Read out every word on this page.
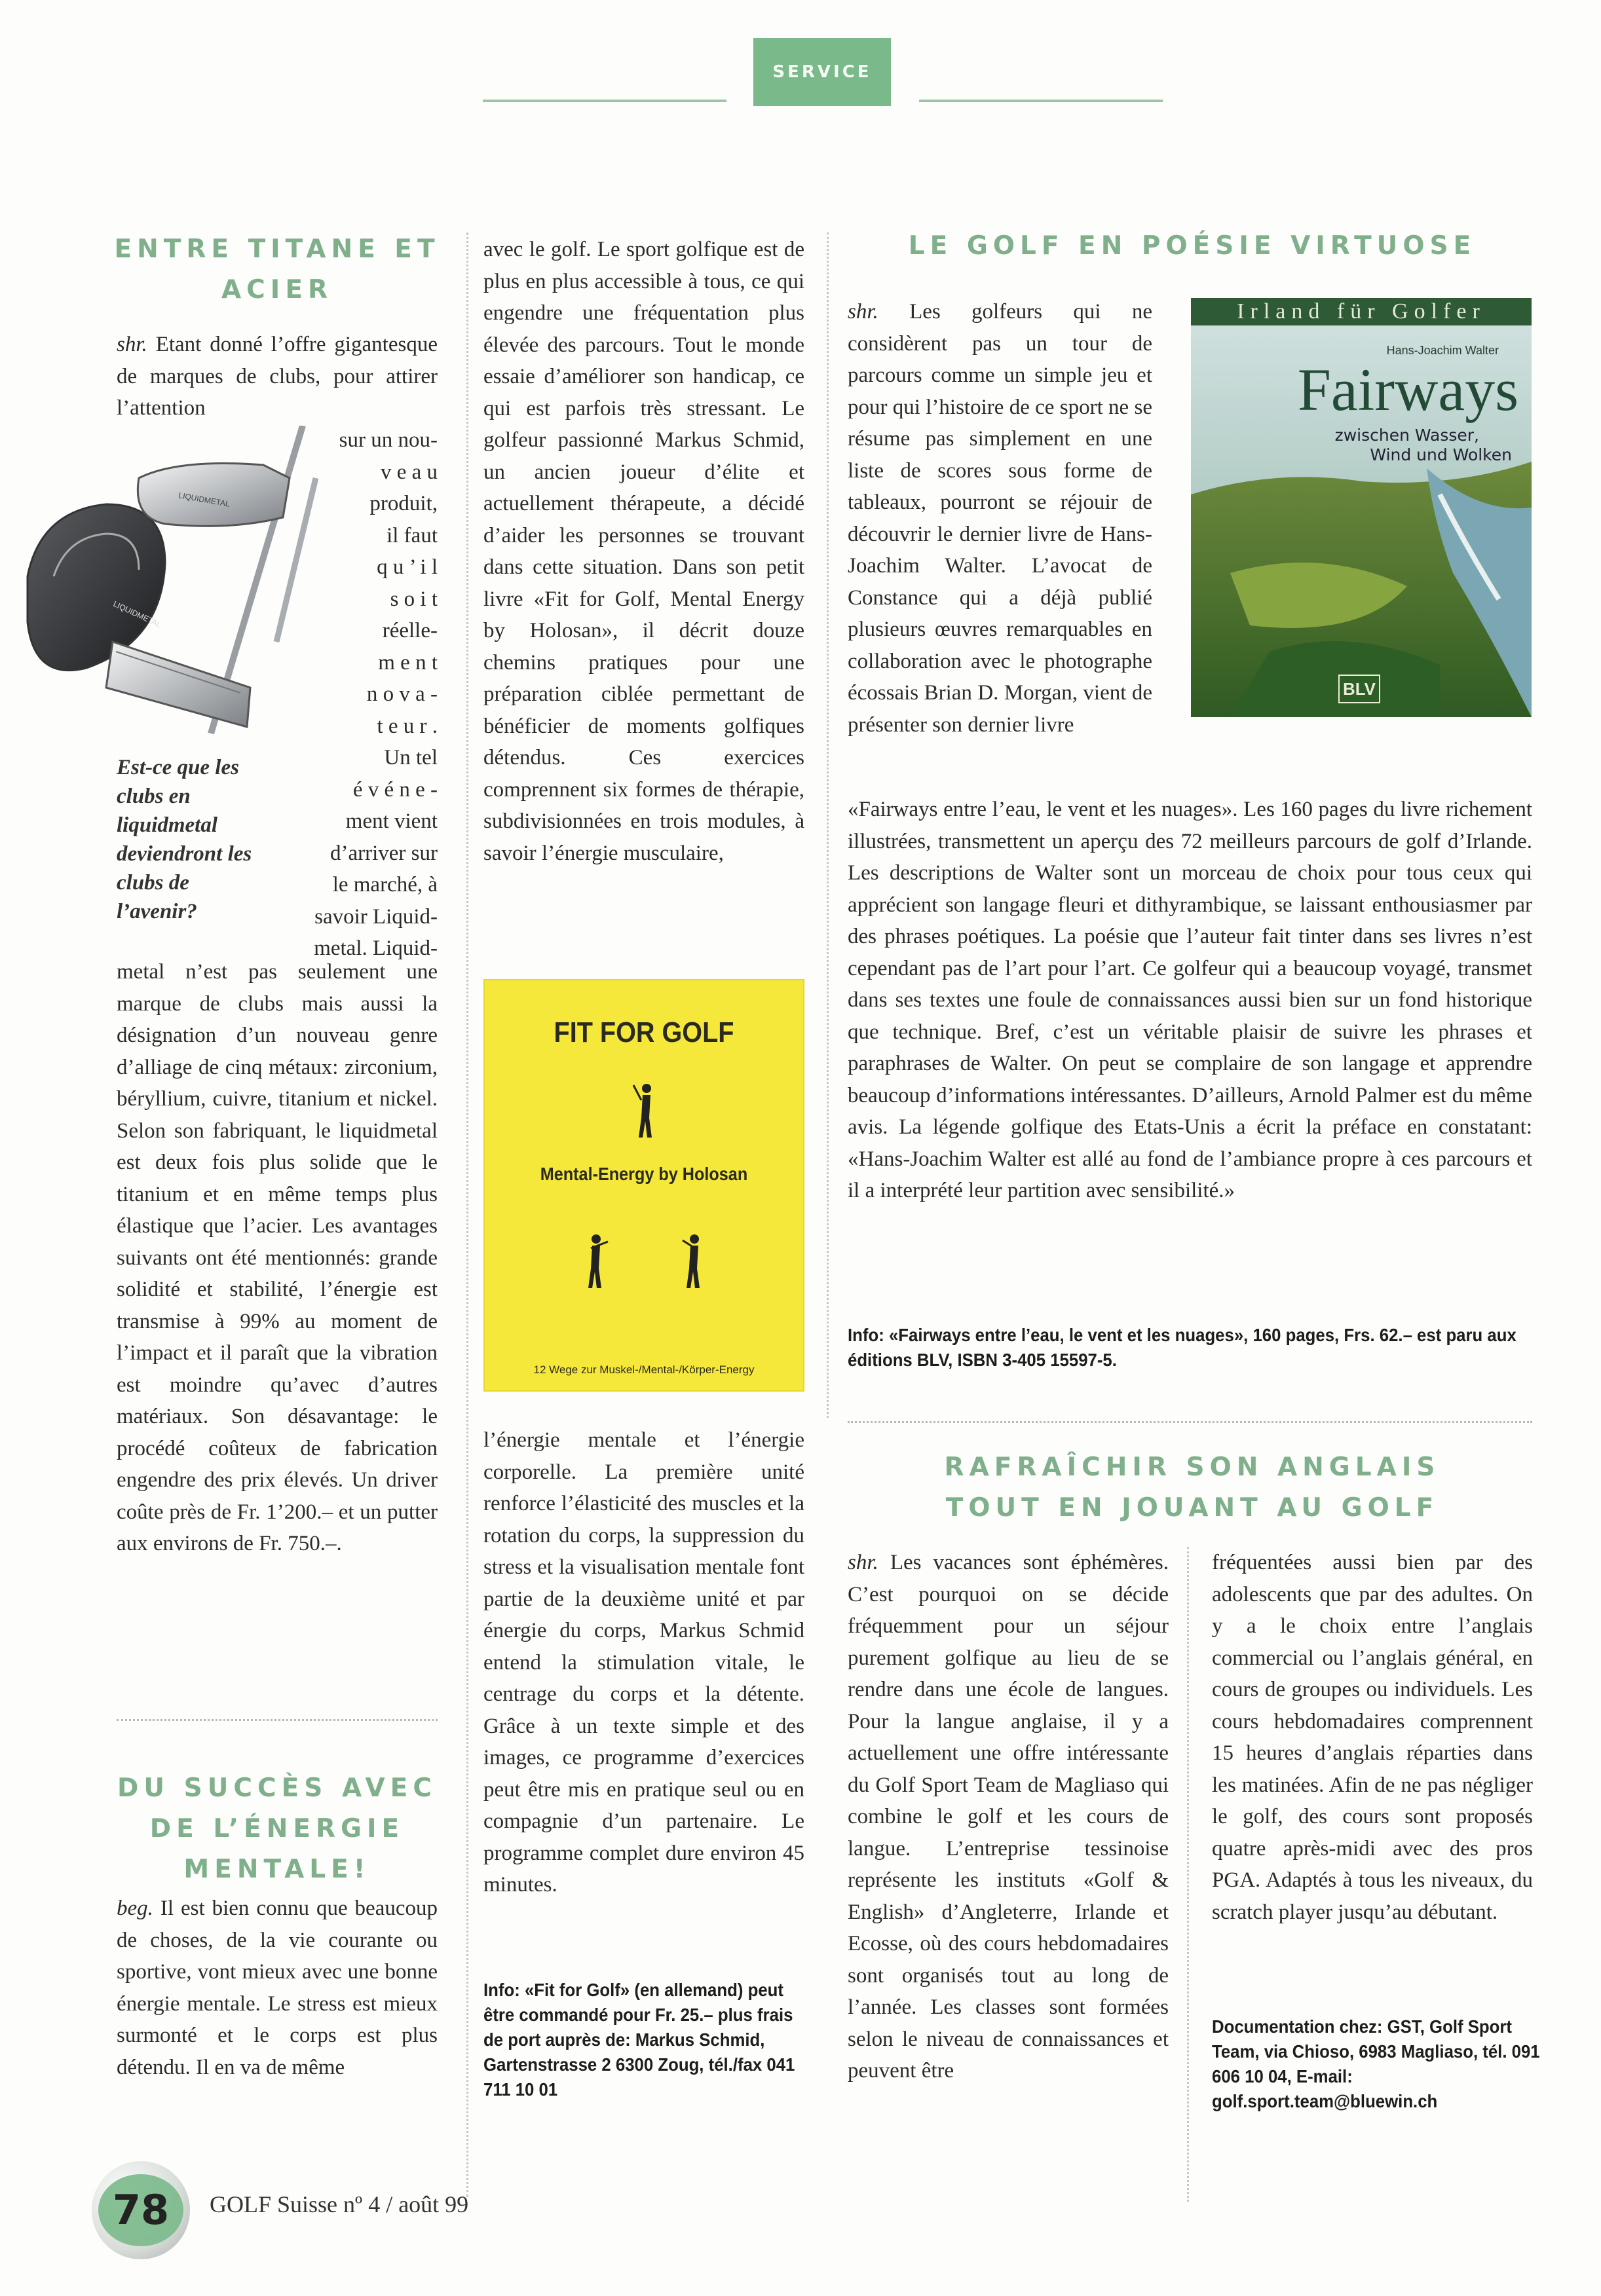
SERVICE

ENTRE TITANE ET ACIER

shr. Etant donné l’offre gigantesque de marques de clubs, pour attirer l’attention

LIQUIDMETAL
LIQUIDMETAL
sur un nou-
v e a u
produit,
il faut
q u ’ i l
s o i t
réelle-
m e n t
n o v a -
t e u r .
Un tel
é v é n e -
ment vient
d’arriver sur
le marché, à
savoir Liquid-
metal. Liquid-
Est-ce que les clubs en liquidmetal deviendront les clubs de l’avenir?

metal n’est pas seulement une marque de clubs mais aussi la désignation d’un nouveau genre d’alliage de cinq métaux: zirconium, béryllium, cuivre, titanium et nickel. Selon son fabriquant, le liquidmetal est deux fois plus solide que le titanium et en même temps plus élastique que l’acier. Les avantages suivants ont été mentionnés: grande solidité et stabilité, l’énergie est transmise à 99% au moment de l’impact et il paraît que la vibration est moindre qu’avec d’autres matériaux. Son désavantage: le procédé coûteux de fabrication engendre des prix élevés. Un driver coûte près de Fr. 1’200.– et un putter aux environs de Fr. 750.–.

DU SUCCÈS AVEC DE L’ÉNERGIE MENTALE!

beg. Il est bien connu que beaucoup de choses, de la vie courante ou sportive, vont mieux avec une bonne énergie mentale. Le stress est mieux surmonté et le corps est plus détendu. Il en va de même

avec le golf. Le sport golfique est de plus en plus accessible à tous, ce qui engendre une fréquentation plus élevée des parcours. Tout le monde essaie d’améliorer son handicap, ce qui est parfois très stressant. Le golfeur passionné Markus Schmid, un ancien joueur d’élite et actuellement thérapeute, a décidé d’aider les personnes se trouvant dans cette situation. Dans son petit livre «Fit for Golf, Mental Energy by Holosan», il décrit douze chemins pratiques pour une préparation ciblée permettant de bénéficier de moments golfiques détendus. Ces exercices comprennent six formes de thérapie, subdivisionnées en trois modules, à savoir l’énergie musculaire,

FIT FOR GOLF
Mental-Energy by Holosan
12 Wege zur Muskel-/Mental-/Körper-Energy

l’énergie mentale et l’énergie corporelle. La première unité renforce l’élasticité des muscles et la rotation du corps, la suppression du stress et la visualisation mentale font partie de la deuxième unité et par énergie du corps, Markus Schmid entend la stimulation vitale, le centrage du corps et la détente. Grâce à un texte simple et des images, ce programme d’exercices peut être mis en pratique seul ou en compagnie d’un partenaire. Le programme complet dure environ 45 minutes.

Info: «Fit for Golf» (en allemand) peut être commandé pour Fr. 25.– plus frais de port auprès de: Markus Schmid, Gartenstrasse 2 6300 Zoug, tél./fax 041 711 10 01

LE GOLF EN POÉSIE VIRTUOSE

shr. Les golfeurs qui ne considèrent pas un tour de parcours comme un simple jeu et pour qui l’histoire de ce sport ne se résume pas simplement en une liste de scores sous forme de tableaux, pourront se réjouir de découvrir le dernier livre de Hans-Joachim Walter. L’avocat de Constance qui a déjà publié plusieurs œuvres remarquables en collaboration avec le photographe écossais Brian D. Morgan, vient de présenter son dernier livre

Irland für Golfer
Hans-Joachim Walter
Fairways
zwischen Wasser,
Wind und Wolken
BLV

«Fairways entre l’eau, le vent et les nuages». Les 160 pages du livre richement illustrées, transmettent un aperçu des 72 meilleurs parcours de golf d’Irlande. Les descriptions de Walter sont un morceau de choix pour tous ceux qui apprécient son langage fleuri et dithyrambique, se laissant enthousiasmer par des phrases poétiques. La poésie que l’auteur fait tinter dans ses livres n’est cependant pas de l’art pour l’art. Ce golfeur qui a beaucoup voyagé, transmet dans ses textes une foule de connaissances aussi bien sur un fond historique que technique. Bref, c’est un véritable plaisir de suivre les phrases et paraphrases de Walter. On peut se complaire de son langage et apprendre beaucoup d’informations intéressantes. D’ailleurs, Arnold Palmer est du même avis. La légende golfique des Etats-Unis a écrit la préface en constatant: «Hans-Joachim Walter est allé au fond de l’ambiance propre à ces parcours et il a interprété leur partition avec sensibilité.»

Info: «Fairways entre l’eau, le vent et les nuages», 160 pages, Frs. 62.– est paru aux éditions BLV, ISBN 3-405 15597-5.

RAFRAÎCHIR SON ANGLAIS TOUT EN JOUANT AU GOLF

shr. Les vacances sont éphémères. C’est pourquoi on se décide fréquemment pour un séjour purement golfique au lieu de se rendre dans une école de langues. Pour la langue anglaise, il y a actuellement une offre intéressante du Golf Sport Team de Magliaso qui combine le golf et les cours de langue. L’entreprise tessinoise représente les instituts «Golf & English» d’Angleterre, Irlande et Ecosse, où des cours hebdomadaires sont organisés tout au long de l’année. Les classes sont formées selon le niveau de connaissances et peuvent être

fréquentées aussi bien par des adolescents que par des adultes. On y a le choix entre l’anglais commercial ou l’anglais général, en cours de groupes ou individuels. Les cours hebdomadaires comprennent 15 heures d’anglais réparties dans les matinées. Afin de ne pas négliger le golf, des cours sont proposés quatre après-midi avec des pros PGA. Adaptés à tous les niveaux, du scratch player jusqu’au débutant.

Documentation chez: GST, Golf Sport Team, via Chioso, 6983 Magliaso, tél. 091 606 10 04, E-mail: golf.sport.team@bluewin.ch
78	GOLF Suisse nº 4 / août 99
